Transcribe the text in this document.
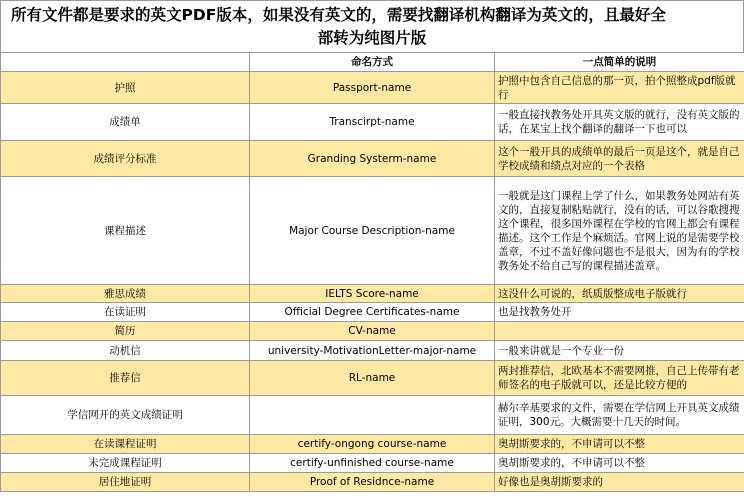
所有文件都是要求的英文PDF版本，如果没有英文的，需要找翻译机构翻译为英文的，且最好全
部转为纯图片版
	命名方式	一点简单的说明
护照	Passport-name	护照中包含自己信息的那一页，拍个照整成pdf版就行
成绩单	Transcirpt-name	一般直接找教务处开具英文版的就行，没有英文版的话，在某宝上找个翻译的翻译一下也可以
成绩评分标准	Granding Systerm-name	这个一般开具的成绩单的最后一页是这个，就是自己学校成绩和绩点对应的一个表格
课程描述	Major Course Description-name	一般就是这门课程上学了什么，如果教务处网站有英文的，直接复制粘贴就行，没有的话，可以谷歌搜搜这个课程，很多国外课程在学校的官网上都会有课程描述。这个工作是个麻烦活。官网上说的是需要学校盖章，不过不盖好像问题也不是很大，因为有的学校教务处不给自己写的课程描述盖章。
雅思成绩	IELTS Score-name	这没什么可说的，纸质版整成电子版就行
在读证明	Official Degree Certificates-name	也是找教务处开
简历	CV-name	
动机信	university-MotivationLetter-major-name	一般来讲就是一个专业一份
推荐信	RL-name	两封推荐信，北欧基本不需要网推，自己上传带有老师签名的电子版就可以，还是比较方便的
学信网开的英文成绩证明		赫尔辛基要求的文件，需要在学信网上开具英文成绩证明，300元。大概需要十几天的时间。
在读课程证明	certify-ongong course-name	奥胡斯要求的，不申请可以不整
未完成课程证明	certify-unfinished course-name	奥胡斯要求的，不申请可以不整
居住地证明	Proof of Residnce-name	好像也是奥胡斯要求的
